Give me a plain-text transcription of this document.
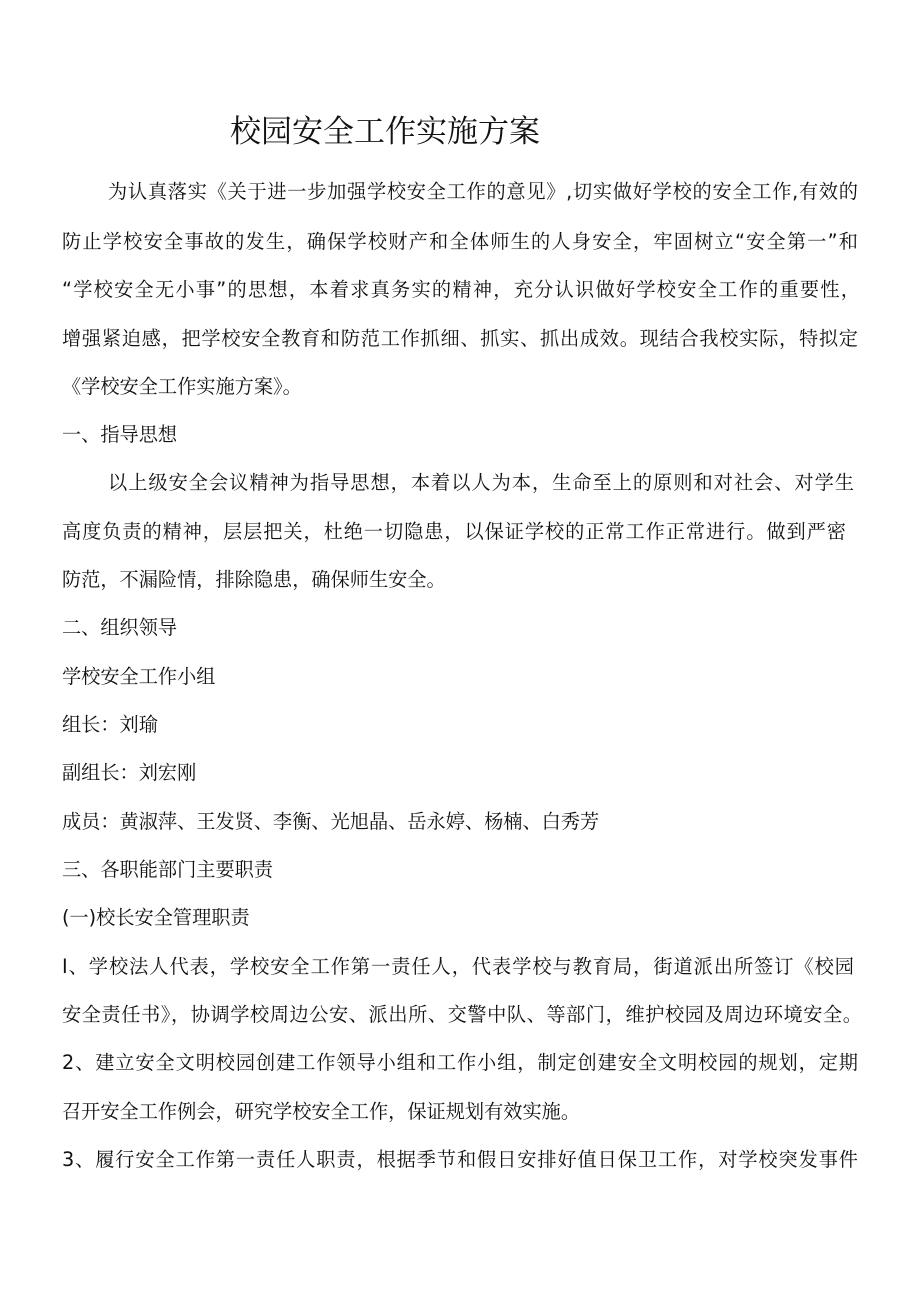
校园安全工作实施方案
为认真落实《关于进一步加强学校安全工作的意见》,切实做好学校的安全工作,有效的
防止学校安全事故的发生，确保学校财产和全体师生的人身安全，牢固树立“安全第一”和
“学校安全无小事”的思想，本着求真务实的精神，充分认识做好学校安全工作的重要性，
增强紧迫感，把学校安全教育和防范工作抓细、抓实、抓出成效。现结合我校实际，特拟定
《学校安全工作实施方案》。
一、指导思想
以上级安全会议精神为指导思想，本着以人为本，生命至上的原则和对社会、对学生
高度负责的精神，层层把关，杜绝一切隐患，以保证学校的正常工作正常进行。做到严密
防范，不漏险情，排除隐患，确保师生安全。
二、组织领导
学校安全工作小组
组长：刘瑜
副组长：刘宏刚
成员：黄淑萍、王发贤、李衡、光旭晶、岳永婷、杨楠、白秀芳
三、各职能部门主要职责
(一)校长安全管理职责
I、学校法人代表，学校安全工作第一责任人，代表学校与教育局，街道派出所签订《校园
安全责任书》，协调学校周边公安、派出所、交警中队、等部门，维护校园及周边环境安全。
2、建立安全文明校园创建工作领导小组和工作小组，制定创建安全文明校园的规划，定期
召开安全工作例会，研究学校安全工作，保证规划有效实施。
3、履行安全工作第一责任人职责，根据季节和假日安排好值日保卫工作，对学校突发事件
